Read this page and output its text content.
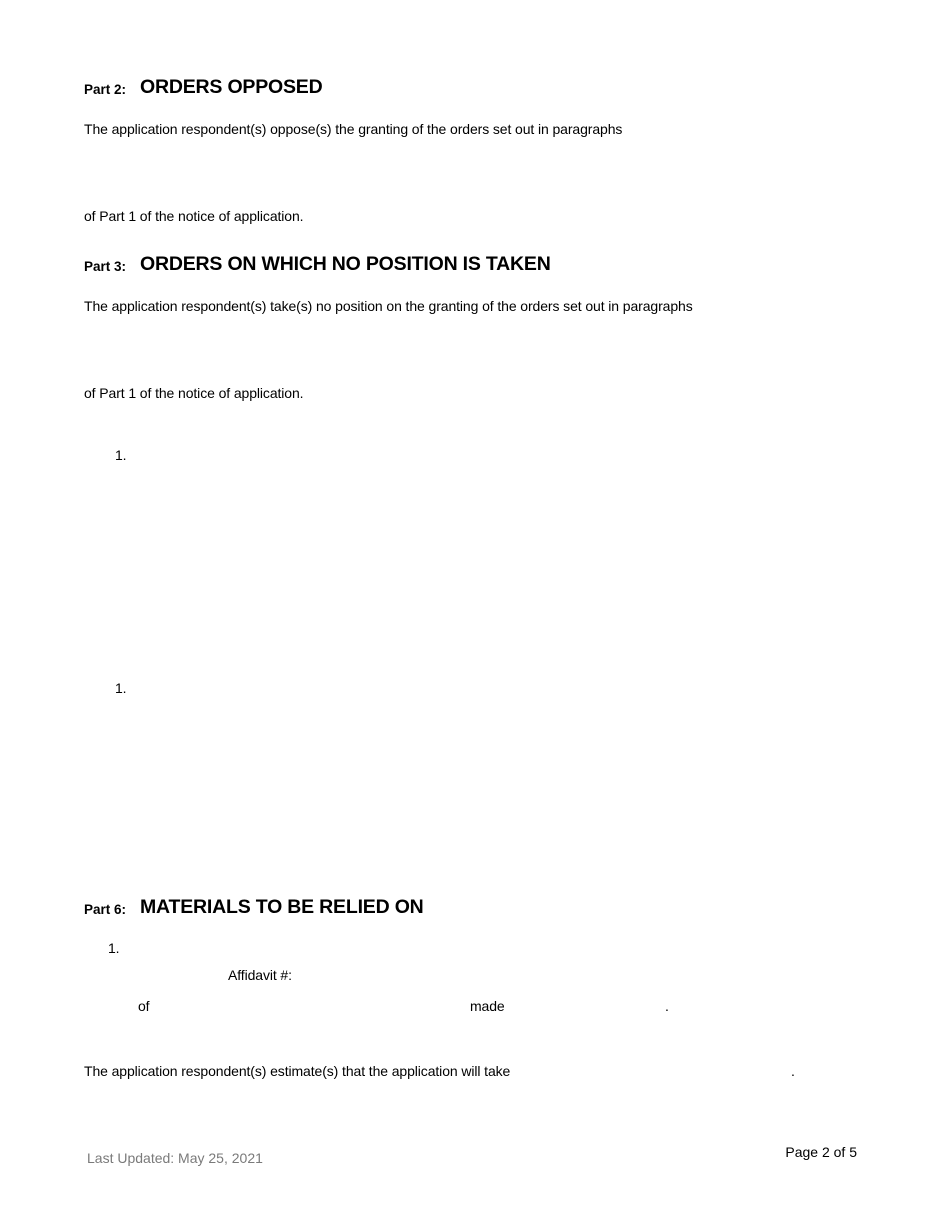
Part 2: ORDERS OPPOSED
The application respondent(s) oppose(s) the granting of the orders set out in paragraphs
of Part 1 of the notice of application.
Part 3: ORDERS ON WHICH NO POSITION IS TAKEN
The application respondent(s) take(s) no position on the granting of the orders set out in paragraphs
of Part 1 of the notice of application.
1.
1.
Part 6: MATERIALS TO BE RELIED ON
1.
Affidavit #:
of	made	.
The application respondent(s) estimate(s) that the application will take	.
Last Updated: May 25, 2021	Page 2 of 5
